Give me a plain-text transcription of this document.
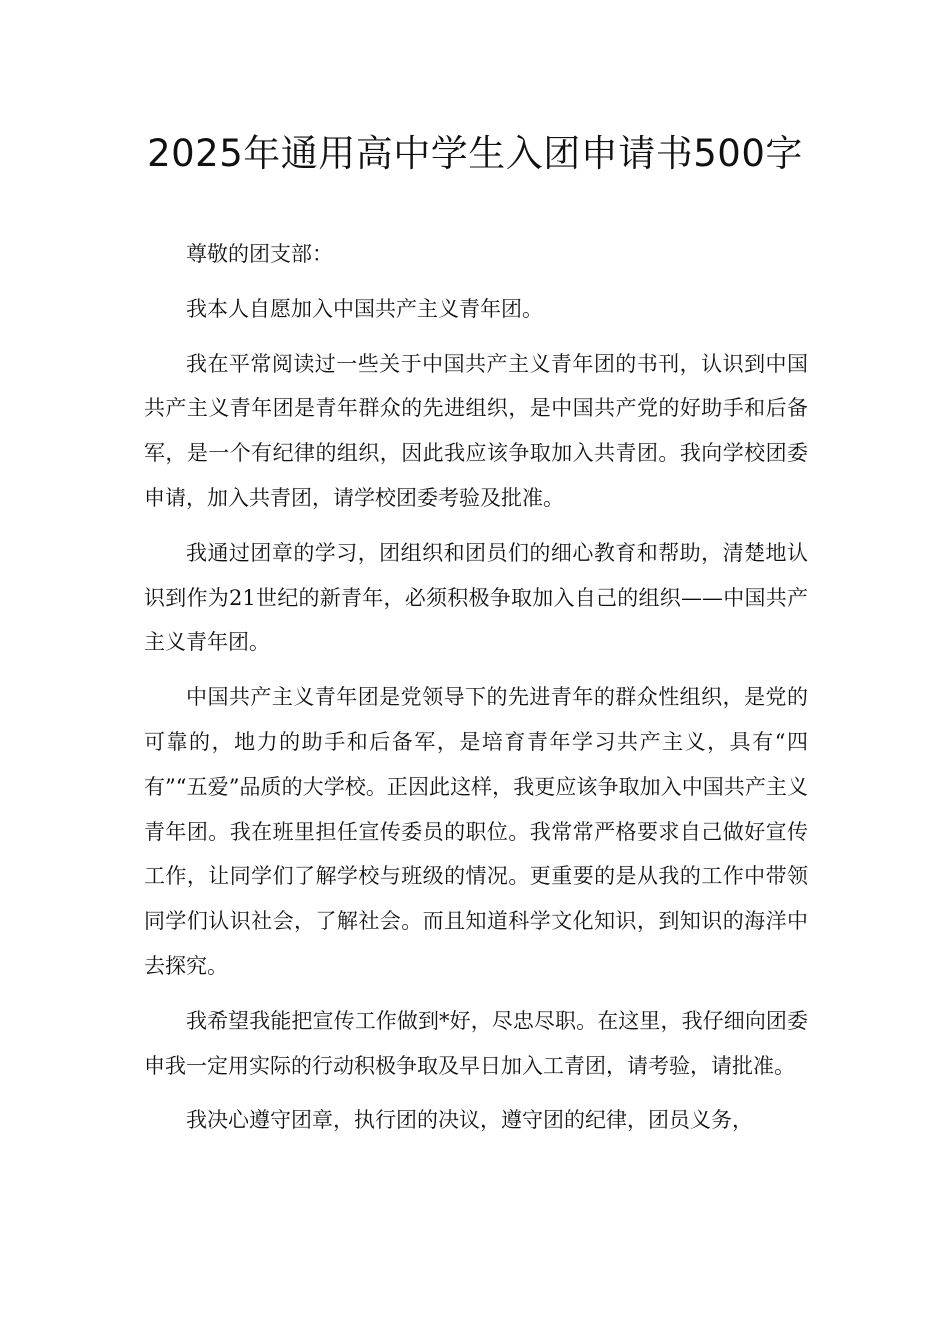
2025年通用高中学生入团申请书500字

尊敬的团支部：

我本人自愿加入中国共产主义青年团。

我在平常阅读过一些关于中国共产主义青年团的书刊，认识到中国共产主义青年团是青年群众的先进组织，是中国共产党的好助手和后备军，是一个有纪律的组织，因此我应该争取加入共青团。我向学校团委申请，加入共青团，请学校团委考验及批准。

我通过团章的学习，团组织和团员们的细心教育和帮助，清楚地认识到作为21世纪的新青年，必须积极争取加入自己的组织——中国共产主义青年团。

中国共产主义青年团是党领导下的先进青年的群众性组织，是党的可靠的，地力的助手和后备军，是培育青年学习共产主义，具有“四有”“五爱”品质的大学校。正因此这样，我更应该争取加入中国共产主义青年团。我在班里担任宣传委员的职位。我常常严格要求自己做好宣传工作，让同学们了解学校与班级的情况。更重要的是从我的工作中带领同学们认识社会，了解社会。而且知道科学文化知识，到知识的海洋中去探究。

我希望我能把宣传工作做到*好，尽忠尽职。在这里，我仔细向团委申我一定用实际的行动积极争取及早日加入工青团，请考验，请批准。

我决心遵守团章，执行团的决议，遵守团的纪律，团员义务，
